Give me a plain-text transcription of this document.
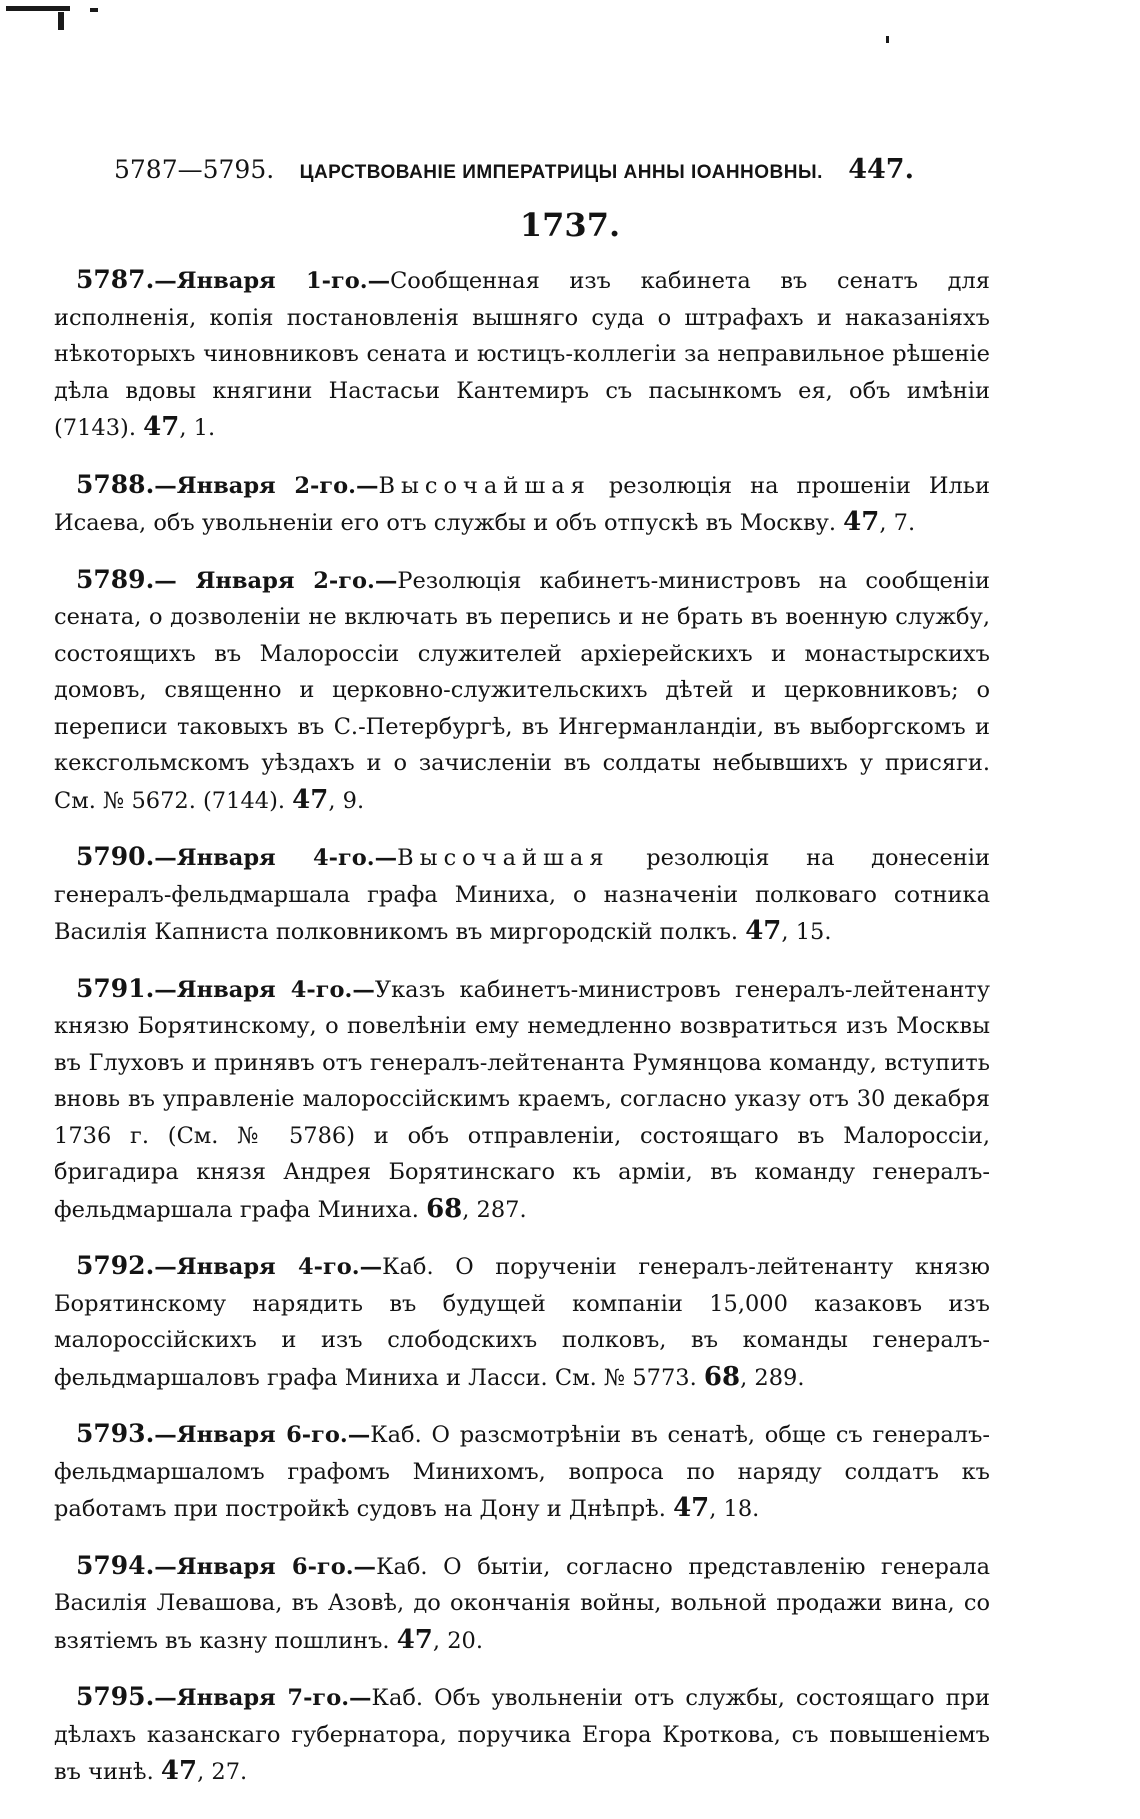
5787—5795. ЦАРСТВОВАНІЕ ИМПЕРАТРИЦЫ АННЫ ІОАННОВНЫ. 447.
1737.

5787.—Января 1-го.—Сообщенная изъ кабинета въ сенатъ для исполненія, копія постановленія вышняго суда о штрафахъ и наказаніяхъ нѣкоторыхъ чиновниковъ сената и юстицъ-коллегіи за неправильное рѣшеніе дѣла вдовы княгини Настасьи Кантемиръ съ пасынкомъ ея, объ имѣніи (7143). 47, 1.

5788.—Января 2-го.—Высочайшая резолюція на прошеніи Ильи Исаева, объ увольненіи его отъ службы и объ отпускѣ въ Москву. 47, 7.

5789.— Января 2-го.—Резолюція кабинетъ-министровъ на сообщеніи сената, о дозволеніи не включать въ перепись и не брать въ военную службу, состоящихъ въ Малороссіи служителей архіерейскихъ и монастырскихъ домовъ, священно и церковно-служительскихъ дѣтей и церковниковъ; о переписи таковыхъ въ С.-Петербургѣ, въ Ингерманландіи, въ выборгскомъ и кексгольмскомъ уѣздахъ и о зачисленіи въ солдаты небывшихъ у присяги. См. № 5672. (7144). 47, 9.

5790.—Января 4-го.—Высочайшая резолюція на донесеніи генералъ-фельдмаршала графа Миниха, о назначеніи полковаго сотника Василія Капниста полковникомъ въ миргородскій полкъ. 47, 15.

5791.—Января 4-го.—Указъ кабинетъ-министровъ генералъ-лейтенанту князю Борятинскому, о повелѣніи ему немедленно возвратиться изъ Москвы въ Глуховъ и принявъ отъ генералъ-лейтенанта Румянцова команду, вступить вновь въ управленіе малороссійскимъ краемъ, согласно указу отъ 30 декабря 1736 г. (См. № 5786) и объ отправленіи, состоящаго въ Малороссіи, бригадира князя Андрея Борятинскаго къ арміи, въ команду генералъ-фельдмаршала графа Миниха. 68, 287.

5792.—Января 4-го.—Каб. О порученіи генералъ-лейтенанту князю Борятинскому нарядить въ будущей компаніи 15,000 казаковъ изъ малороссійскихъ и изъ слободскихъ полковъ, въ команды генералъ-фельдмаршаловъ графа Миниха и Ласси. См. № 5773. 68, 289.

5793.—Января 6-го.—Каб. О разсмотрѣніи въ сенатѣ, обще съ генералъ-фельдмаршаломъ графомъ Минихомъ, вопроса по наряду солдатъ къ работамъ при постройкѣ судовъ на Дону и Днѣпрѣ. 47, 18.

5794.—Января 6-го.—Каб. О бытіи, согласно представленію генерала Василія Левашова, въ Азовѣ, до окончанія войны, вольной продажи вина, со взятіемъ въ казну пошлинъ. 47, 20.

5795.—Января 7-го.—Каб. Объ увольненіи отъ службы, состоящаго при дѣлахъ казанскаго губернатора, поручика Егора Кроткова, съ повышеніемъ въ чинѣ. 47, 27.
